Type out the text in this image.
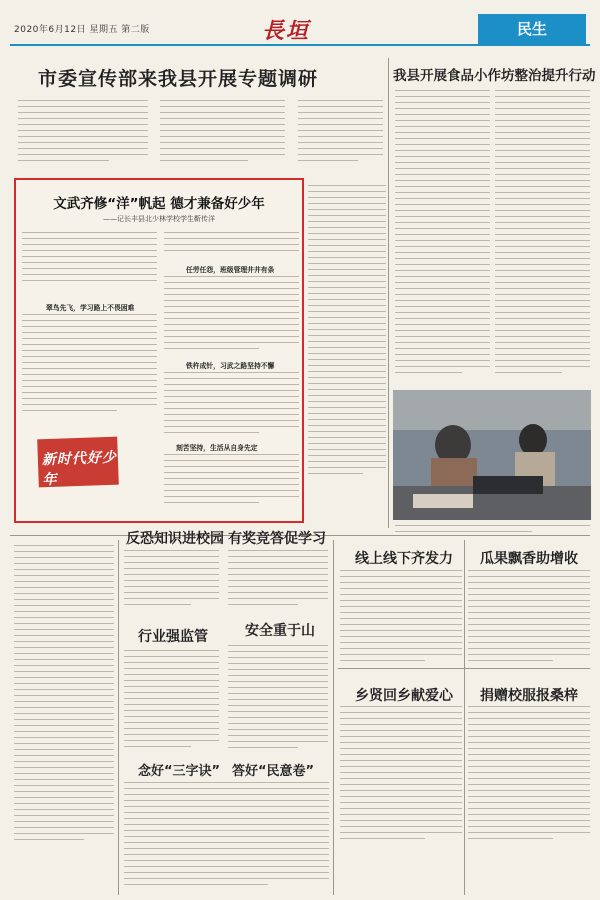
2020年6月12日 星期五 第二版	長垣	民生
市委宣传部来我县开展专题调研	我县开展食品小作坊整治提升行动
文武齐修“洋”帆起 德才兼备好少年
——记长丰县北少林学校学生靳传洋
翠鸟先飞，学习路上不畏困难
新时代好少年
任劳任怨，班级管理井井有条
铁杵成针，习武之路坚持不懈
刻苦坚持，生活从自身先定
反恐知识进校园 有奖竞答促学习
行业强监管	安全重于山
念好“三字诀” 答好“民意卷”
线上线下齐发力 瓜果飘香助增收
乡贤回乡献爱心 捐赠校服报桑梓
